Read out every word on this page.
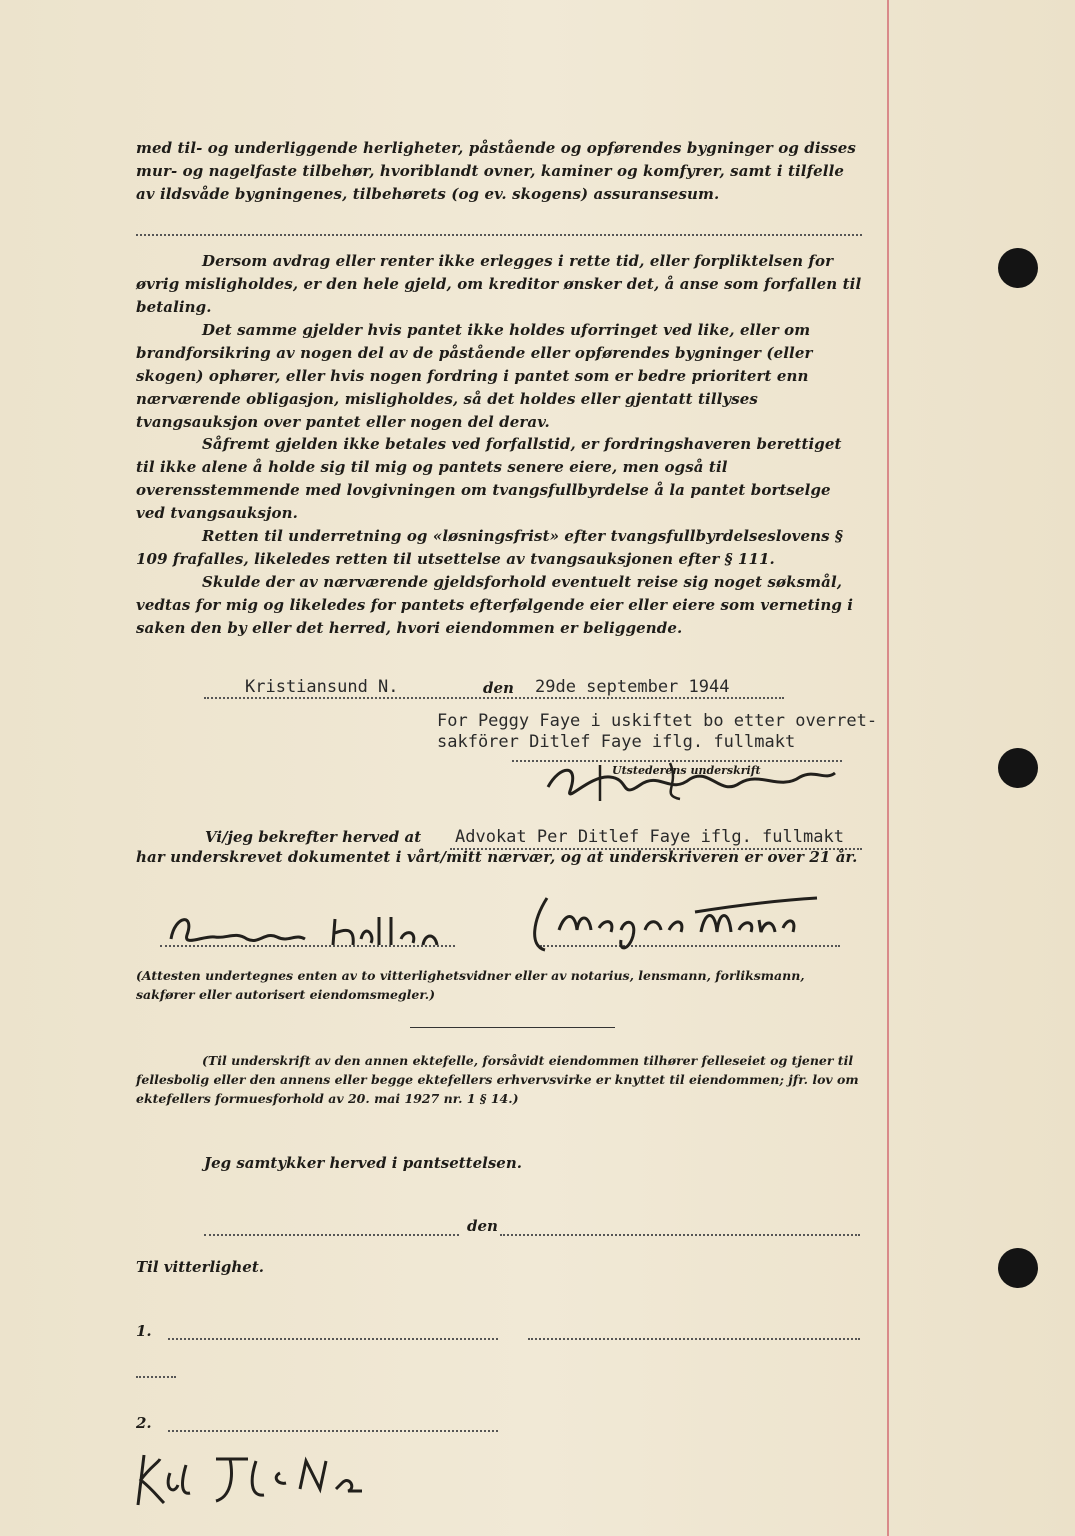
med til- og underliggende herligheter, påstående og opførendes bygninger og disses mur- og nagelfaste tilbehør, hvoriblandt ovner, kaminer og komfyrer, samt i tilfelle av ildsvåde bygningenes, tilbehørets (og ev. skogens) assuransesum.

Dersom avdrag eller renter ikke erlegges i rette tid, eller forpliktelsen for øvrig misligholdes, er den hele gjeld, om kreditor ønsker det, å anse som forfallen til betaling.

Det samme gjelder hvis pantet ikke holdes uforringet ved like, eller om brandforsikring av nogen del av de påstående eller opførendes bygninger (eller skogen) ophører, eller hvis nogen fordring i pantet som er bedre prioritert enn nærværende obligasjon, misligholdes, så det holdes eller gjentatt tillyses tvangsauksjon over pantet eller nogen del derav.

Såfremt gjelden ikke betales ved forfallstid, er fordringshaveren berettiget til ikke alene å holde sig til mig og pantets senere eiere, men også til overensstemmende med lovgivningen om tvangsfullbyrdelse å la pantet bortselge ved tvangsauksjon.

Retten til underretning og «løsningsfrist» efter tvangsfullbyrdelseslovens § 109 frafalles, likeledes retten til utsettelse av tvangsauksjonen efter § 111.

Skulde der av nærværende gjeldsforhold eventuelt reise sig noget søksmål, vedtas for mig og likeledes for pantets efterfølgende eier eller eiere som verneting i saken den by eller det herred, hvori eiendommen er beliggende.

Kristiansund N.	den 29de september 1944
For Peggy Faye i uskiftet bo etter overret-
sakförer Ditlef Faye iflg. fullmakt
Utstederens underskrift
Vi/jeg bekrefter herved at Advokat Per Ditlef Faye iflg. fullmakt

har underskrevet dokumentet i vårt/mitt nærvær, og at underskriveren er over 21 år.

(Attesten undertegnes enten av to vitterlighetsvidner eller av notarius, lensmann, forliksmann, sakfører eller autorisert eiendomsmegler.)

(Til underskrift av den annen ektefelle, forsåvidt eiendommen tilhører felleseiet og tjener til fellesbolig eller den annens eller begge ektefellers erhvervsvirke er knyttet til eiendommen; jfr. lov om ektefellers formuesforhold av 20. mai 1927 nr. 1 § 14.)

Jeg samtykker herved i pantsettelsen.
den
Til vitterlighet.
1.
2.
